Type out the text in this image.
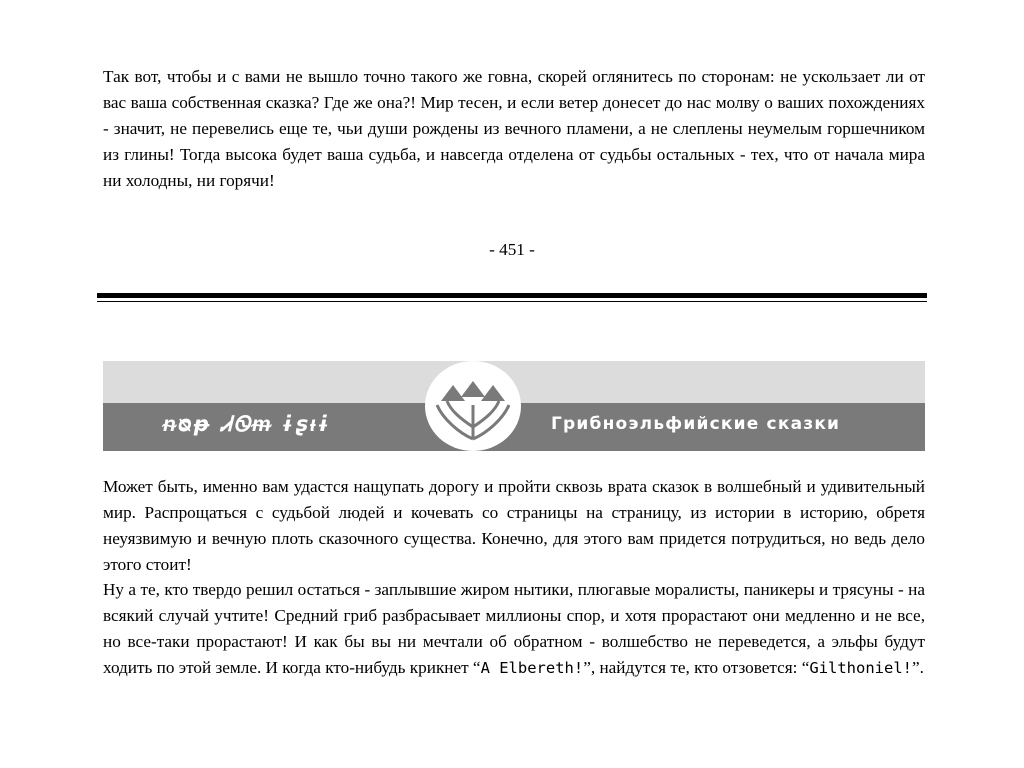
Так вот, чтобы и с вами не вышло точно такого же говна, скорей оглянитесь по сторонам: не ускользает ли от вас ваша собственная сказка? Где же она?! Мир тесен, и если ветер донесет до нас молву о ваших похождениях - значит, не перевелись еще те, чьи души рождены из вечного пламени, а не слеплены неумелым горшечником из глины! Тогда высока будет ваша судьба, и навсегда отделена от судьбы остальных - тех, что от начала мира ни холодны, ни горячи!

- 451 -
ᵰᴓᵽ ᏗᏫᵯ ɨʂᵼɨ	Грибноэльфийские сказки

Может быть, именно вам удастся нащупать дорогу и пройти сквозь врата сказок в волшебный и удивительный мир. Распрощаться с судьбой людей и кочевать со страницы на страницу, из истории в историю, обретя неуязвимую и вечную плоть сказочного существа. Конечно, для этого вам придется потрудиться, но ведь дело этого стоит!

Ну а те, кто твердо решил остаться - заплывшие жиром нытики, плюгавые моралисты, паникеры и трясуны - на всякий случай учтите! Средний гриб разбрасывает миллионы спор, и хотя прорастают они медленно и не все, но все-таки прорастают! И как бы вы ни мечтали об обратном - волшебство не переведется, а эльфы будут ходить по этой земле. И когда кто-нибудь крикнет “A Elbereth!”, найдутся те, кто отзовется: “Gilthoniel!”.
